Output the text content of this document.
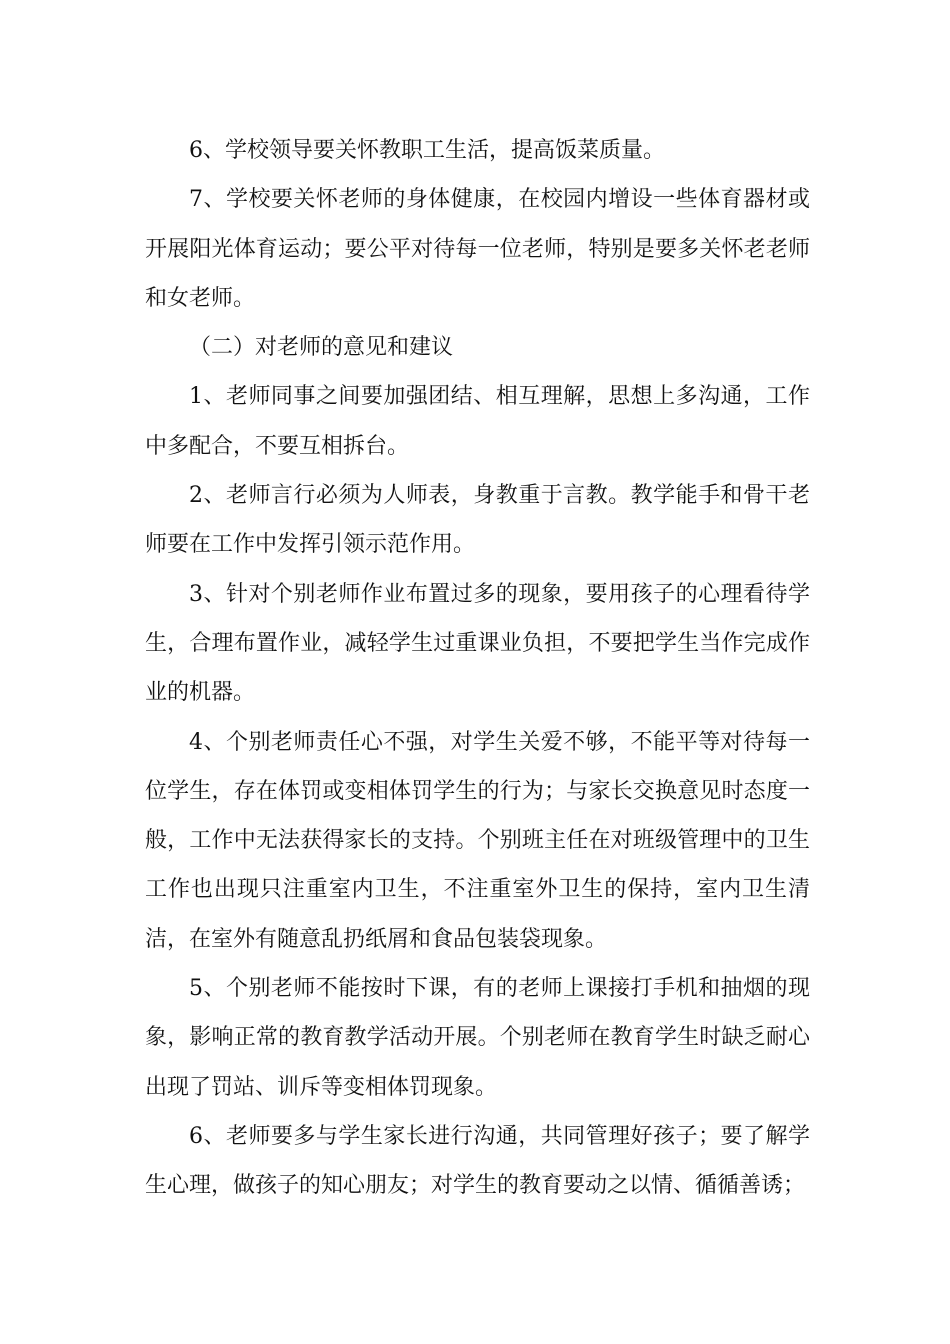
6、学校领导要关怀教职工生活，提高饭菜质量。

7、学校要关怀老师的身体健康，在校园内增设一些体育器材或开展阳光体育运动；要公平对待每一位老师，特别是要多关怀老老师和女老师。

（二）对老师的意见和建议

1、老师同事之间要加强团结、相互理解，思想上多沟通，工作中多配合，不要互相拆台。

2、老师言行必须为人师表，身教重于言教。教学能手和骨干老师要在工作中发挥引领示范作用。

3、针对个别老师作业布置过多的现象，要用孩子的心理看待学生，合理布置作业，减轻学生过重课业负担，不要把学生当作完成作业的机器。

4、个别老师责任心不强，对学生关爱不够，不能平等对待每一位学生，存在体罚或变相体罚学生的行为；与家长交换意见时态度一般，工作中无法获得家长的支持。个别班主任在对班级管理中的卫生工作也出现只注重室内卫生，不注重室外卫生的保持，室内卫生清洁，在室外有随意乱扔纸屑和食品包装袋现象。

5、个别老师不能按时下课，有的老师上课接打手机和抽烟的现象，影响正常的教育教学活动开展。个别老师在教育学生时缺乏耐心出现了罚站、训斥等变相体罚现象。

6、老师要多与学生家长进行沟通，共同管理好孩子；要了解学生心理，做孩子的知心朋友；对学生的教育要动之以情、循循善诱；
